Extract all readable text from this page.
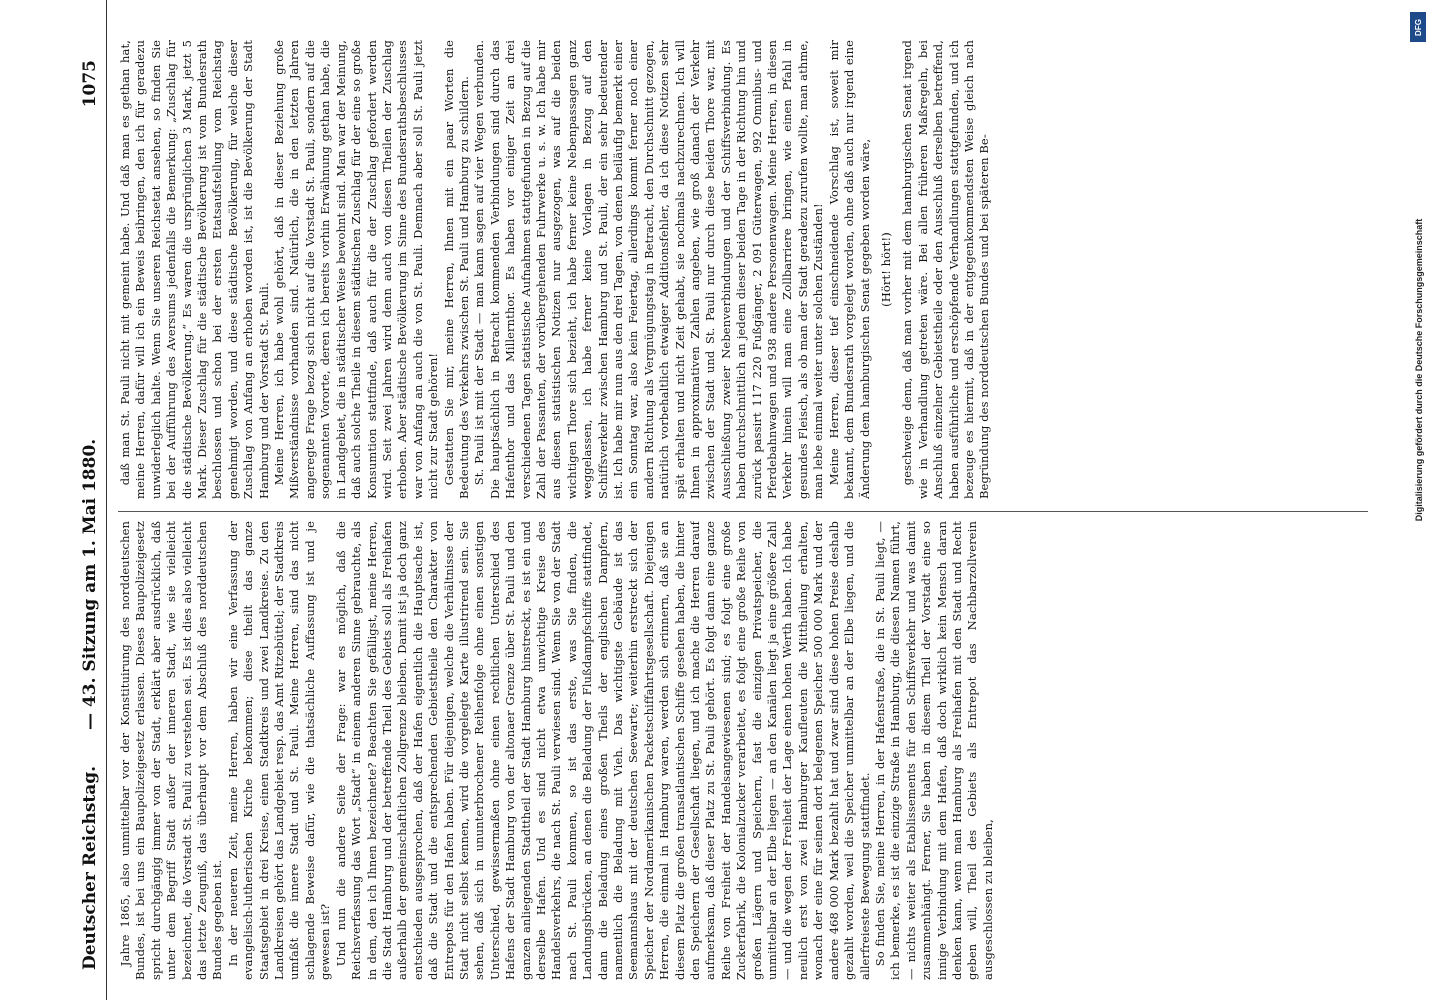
Deutscher Reichstag.
— 43. Sitzung am 1. Mai 1880.
1075

Jahre 1865, also unmittelbar vor der Konstituirung des norddeutschen Bundes, ist bei uns ein Baupolizeigesetz erlassen. Dieses Baupolizeigesetz spricht durchgängig immer von der Stadt, erklärt aber ausdrücklich, daß unter dem Begriff Stadt außer der inneren Stadt, wie sie vielleicht bezeichnet, die Vorstadt St. Pauli zu verstehen sei. Es ist dies also vielleicht das letzte Zeugniß, das überhaupt vor dem Abschluß des norddeutschen Bundes gegeben ist. In der neueren Zeit, meine Herren, haben wir eine Verfassung der evangelisch-lutherischen Kirche bekommen; diese theilt das ganze Staatsgebiet in drei Kreise, einen Stadtkreis und zwei Landkreise. Zu den Landkreisen gehört das Landgebiet resp. das Amt Ritzebüttel; der Stadtkreis umfaßt die innere Stadt und St. Pauli. Meine Herren, sind das nicht schlagende Beweise dafür, wie die thatsächliche Auffassung ist und je gewesen ist? Und nun die andere Seite der Frage: war es möglich, daß die Reichsverfassung das Wort „Stadt“ in einem anderen Sinne gebrauchte, als in dem, den ich Ihnen bezeichnete? Beachten Sie gefälligst, meine Herren, die Stadt Hamburg und der betreffende Theil des Gebiets soll als Freihafen außerhalb der gemeinschaftlichen Zollgrenze bleiben. Damit ist ja doch ganz entschieden ausgesprochen, daß der Hafen eigentlich die Hauptsache ist, daß die Stadt und die entsprechenden Gebietstheile den Charakter von Entrepots für den Hafen haben. Für diejenigen, welche die Verhältnisse der Stadt nicht selbst kennen, wird die vorgelegte Karte illustrirend sein. Sie sehen, daß sich in ununterbrochener Reihenfolge ohne einen sonstigen Unterschied, gewissermaßen ohne einen rechtlichen Unterschied des Hafens der Stadt Hamburg von der altonaer Grenze über St. Pauli und den ganzen anliegenden Stadttheil der Stadt Hamburg hinstreckt, es ist ein und derselbe Hafen. Und es sind nicht etwa unwichtige Kreise des Handelsverkehrs, die nach St. Pauli verwiesen sind. Wenn Sie von der Stadt nach St. Pauli kommen, so ist das erste, was Sie finden, die Landungsbrücken, an denen die Beladung der Flußdampfschiffe stattfindet, dann die Beladung eines großen Theils der englischen Dampfern, namentlich die Beladung mit Vieh. Das wichtigste Gebäude ist das Seemannshaus mit der deutschen Seewarte; weiterhin erstreckt sich der Speicher der Nordamerikanischen Packetschiffahrtsgesellschaft. Diejenigen Herren, die einmal in Hamburg waren, werden sich erinnern, daß sie an diesem Platz die großen transatlantischen Schiffe gesehen haben, die hinter den Speichern der Gesellschaft liegen, und ich mache die Herren darauf aufmerksam, daß dieser Platz zu St. Pauli gehört. Es folgt dann eine ganze Reihe von Freiheit der Handelsangewiesenen sind; es folgt eine große Zuckerfabrik, die Kolonialzucker verarbeitet, es folgt eine große Reihe von großen Lägern und Speichern, fast die einzigen Privatspeicher, die unmittelbar an der Elbe liegen — an den Kanälen liegt ja eine größere Zahl — und die wegen der Freiheit der Lage einen hohen Werth haben. Ich habe neulich erst von zwei Hamburger Kaufleuten die Mittheilung erhalten, wonach der eine für seinen dort belegenen Speicher 500 000 Mark und der andere 468 000 Mark bezahlt hat und zwar sind diese hohen Preise deshalb gezahlt worden, weil die Speicher unmittelbar an der Elbe liegen, und die allerfreieste Bewegung stattfindet. So finden Sie, meine Herren, in der Hafenstraße, die in St. Pauli liegt, — ich bemerke, es ist die einzige Straße in Hamburg, die diesen Namen führt, — nichts weiter als Etablissements für den Schiffsverkehr und was damit zusammenhängt. Ferner, Sie haben in diesem Theil der Vorstadt eine so innige Verbindung mit dem Hafen, daß doch wirklich kein Mensch daran denken kann, wenn man Hamburg als Freihafen mit den Stadt und Recht geben will, Theil des Gebiets als Entrepot das Nachbarzollverein ausgeschlossen zu bleiben,

daß man St. Pauli nicht mit gemeint habe. Und daß man es gethan hat, meine Herren, dafür will ich ein Beweis beibringen, den ich für geradezu unwiderleglich halte. Wenn Sie unseren Reichsetat ansehen, so finden Sie bei der Aufführung des Aversums jedenfalls die Bemerkung: „Zuschlag für die städtische Bevölkerung.“ Es waren die ursprünglichen 3 Mark, jetzt 5 Mark. Dieser Zuschlag für die städtische Bevölkerung ist vom Bundesrath beschlossen und schon bei der ersten Etatsaufstellung vom Reichstag genehmigt worden, und diese städtische Bevölkerung, für welche dieser Zuschlag von Anfang an erhoben worden ist, ist die Bevölkerung der Stadt Hamburg und der Vorstadt St. Pauli. Meine Herren, ich habe wohl gehört, daß in dieser Beziehung große Mißverständnisse vorhanden sind. Natürlich, die in den letzten Jahren angeregte Frage bezog sich nicht auf die Vorstadt St. Pauli, sondern auf die sogenannten Vororte, deren ich bereits vorhin Erwähnung gethan habe, die in Landgebiet, die in städtischer Weise bewohnt sind. Man war der Meinung, daß auch solche Theile in diesem städtischen Zuschlag für der eine so große Konsumtion stattfinde, daß auch für die der Zuschlag gefordert werden wird. Seit zwei Jahren wird denn auch von diesen Theilen der Zuschlag erhoben. Aber städtische Bevölkerung im Sinne des Bundesrathsbeschlusses war von Anfang an auch die von St. Pauli. Demnach aber soll St. Pauli jetzt nicht zur Stadt gehören! Gestatten Sie mir, meine Herren, Ihnen mit ein paar Worten die Bedeutung des Verkehrs zwischen St. Pauli und Hamburg zu schildern. St. Pauli ist mit der Stadt — man kann sagen auf vier Wegen verbunden. Die hauptsächlich in Betracht kommenden Verbindungen sind durch das Hafenthor und das Millernthor. Es haben vor einiger Zeit an drei verschiedenen Tagen statistische Aufnahmen stattgefunden in Bezug auf die Zahl der Passanten, der vorübergehenden Fuhrwerke u. s. w. Ich habe mir aus diesen statistischen Notizen nur ausgezogen, was auf die beiden wichtigen Thore sich bezieht, ich habe ferner keine Nebenpassagen ganz weggelassen, ich habe ferner keine Vorlagen in Bezug auf den Schiffsverkehr zwischen Hamburg und St. Pauli, der ein sehr bedeutender ist. Ich habe mir nun aus den drei Tagen, von denen beiläufig bemerkt einer ein Sonntag war, also kein Feiertag, allerdings kommt ferner noch einer andern Richtung als Vergnügungstag in Betracht, den Durchschnitt gezogen, natürlich vorbehaltlich etwaiger Additionsfehler, da ich diese Notizen sehr spät erhalten und nicht Zeit gehabt, sie nochmals nachzurechnen. Ich will Ihnen in approximativen Zahlen angeben, wie groß danach der Verkehr zwischen der Stadt und St. Pauli nur durch diese beiden Thore war, mit Ausschließung zweier Nebenverbindungen und der Schiffsverbindung. Es haben durchschnittlich an jedem dieser beiden Tage in der Richtung hin und zurück passirt 117 220 Fußgänger, 2 091 Güterwagen, 992 Omnibus- und Pferdebahnwagen und 938 andere Personenwagen. Meine Herren, in diesen Verkehr hinein will man eine Zollbarriere bringen, wie einen Pfahl in gesundes Fleisch, als ob man der Stadt geradezu zurufen wollte, man athme, man lebe einmal weiter unter solchen Zuständen! Meine Herren, dieser tief einschneidende Vorschlag ist, soweit mir bekannt, dem Bundesrath vorgelegt worden, ohne daß auch nur irgend eine Änderung dem hamburgischen Senat gegeben worden wäre, (Hört! hört!) geschweige denn, daß man vorher mit dem hamburgischen Senat irgend wie in Verhandlung getreten wäre. Bei allen früheren Maßregeln, bei Anschluß einzelner Gebietstheile oder den Ausschluß derselben betreffend, haben ausführliche und erschöpfende Verhandlungen stattgefunden, und ich bezeuge es hiermit, daß in der entgegenkommendsten Weise gleich nach Begründung des norddeutschen Bundes und bei späteren Be-

DFG
Digitalisierung gefördert durch die Deutsche Forschungsgemeinschaft
